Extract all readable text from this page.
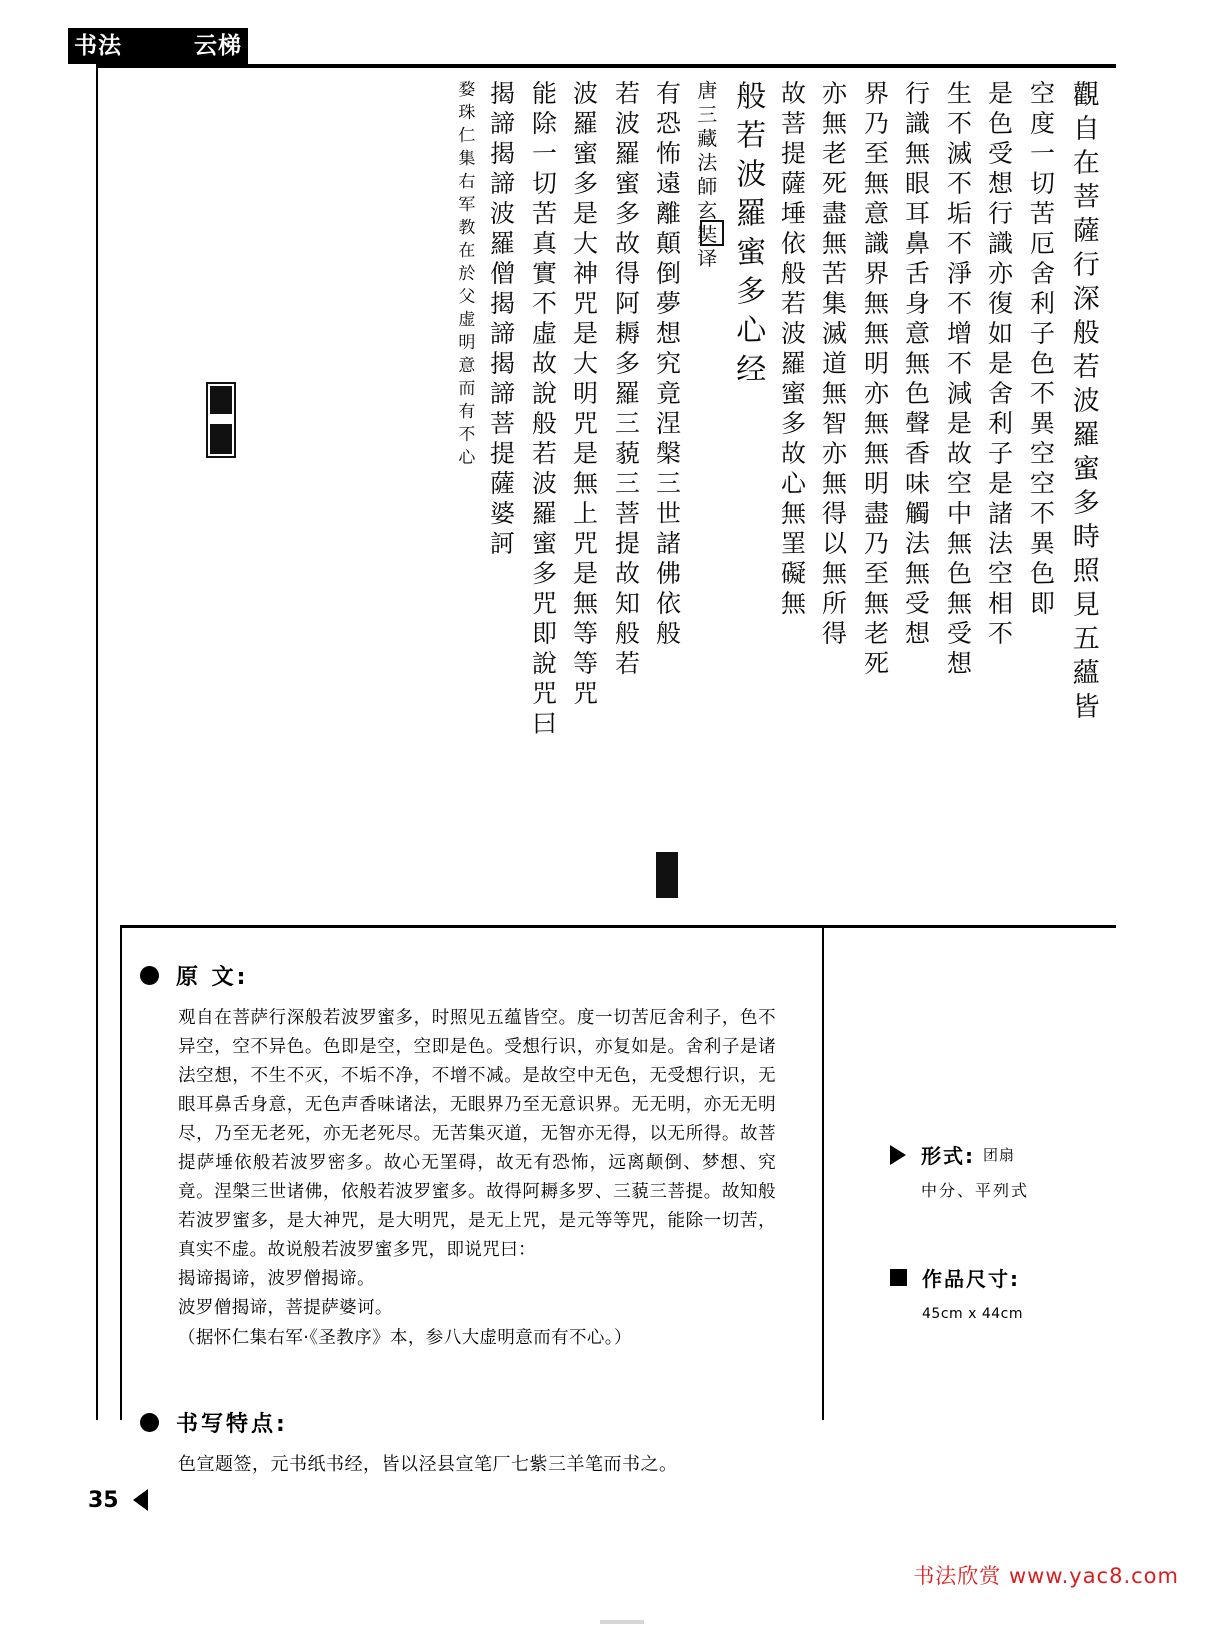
书法	云梯
觀自在菩薩行深般若波羅蜜多時照見五蘊皆
空度一切苦厄舍利子色不異空空不異色即
是色受想行識亦復如是舍利子是諸法空相不
生不滅不垢不淨不增不減是故空中無色無受想
行識無眼耳鼻舌身意無色聲香味觸法無受想
界乃至無意識界無無明亦無無明盡乃至無老死
亦無老死盡無苦集滅道無智亦無得以無所得
故菩提薩埵依般若波羅蜜多故心無罣礙無
般若波羅蜜多心经
唐三藏法師玄奘译
有恐怖遠離顛倒夢想究竟涅槃三世諸佛依般
若波羅蜜多故得阿耨多羅三藐三菩提故知般若
波羅蜜多是大神咒是大明咒是無上咒是無等等咒
能除一切苦真實不虛故說般若波羅蜜多咒即說咒曰
揭諦揭諦波羅僧揭諦揭諦菩提薩婆訶
婺珠仁集右军教在於父虚明意而有不心
原 文:

观自在菩萨行深般若波罗蜜多，时照见五蕴皆空。度一切苦厄舍利子，色不异空，空不异色。色即是空，空即是色。受想行识，亦复如是。舍利子是诸法空想，不生不灭，不垢不净，不增不减。是故空中无色，无受想行识，无眼耳鼻舌身意，无色声香味诸法，无眼界乃至无意识界。无无明，亦无无明尽，乃至无老死，亦无老死尽。无苦集灭道，无智亦无得，以无所得。故菩提萨埵依般若波罗密多。故心无罣碍，故无有恐怖，远离颠倒、梦想、究竟。涅槃三世诸佛，依般若波罗蜜多。故得阿耨多罗、三藐三菩提。故知般若波罗蜜多，是大神咒，是大明咒，是无上咒，是元等等咒，能除一切苦，真实不虚。故说般若波罗蜜多咒，即说咒曰：

揭谛揭谛，波罗僧揭谛。

波罗僧揭谛，菩提萨婆诃。

（据怀仁集右军·《圣教序》本，参八大虚明意而有不心。）

书写特点:
色宣题签，元书纸书经，皆以泾县宣笔厂七紫三羊笔而书之。
形式: 团扇
中分、平列式
作品尺寸:
45cm x 44cm
35
书法欣赏 www.yac8.com
